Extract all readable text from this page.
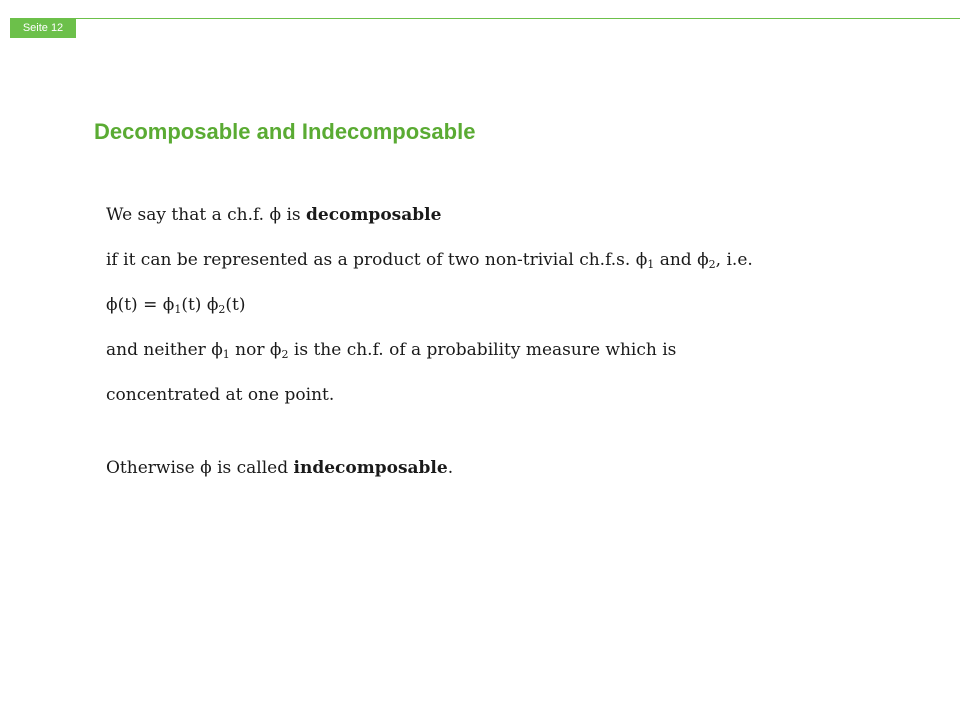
Seite 12
Decomposable and Indecomposable

We say that a ch.f. ϕ is decomposable

if it can be represented as a product of two non-trivial ch.f.s. $\phi_1$ and $\phi_2$, i.e.

$\phi(t) = \phi_1(t)$ $\phi_2(t)$

and neither $\phi_1$ nor $\phi_2$ is the ch.f. of a probability measure which is

concentrated at one point.

Otherwise ϕ is called indecomposable.
